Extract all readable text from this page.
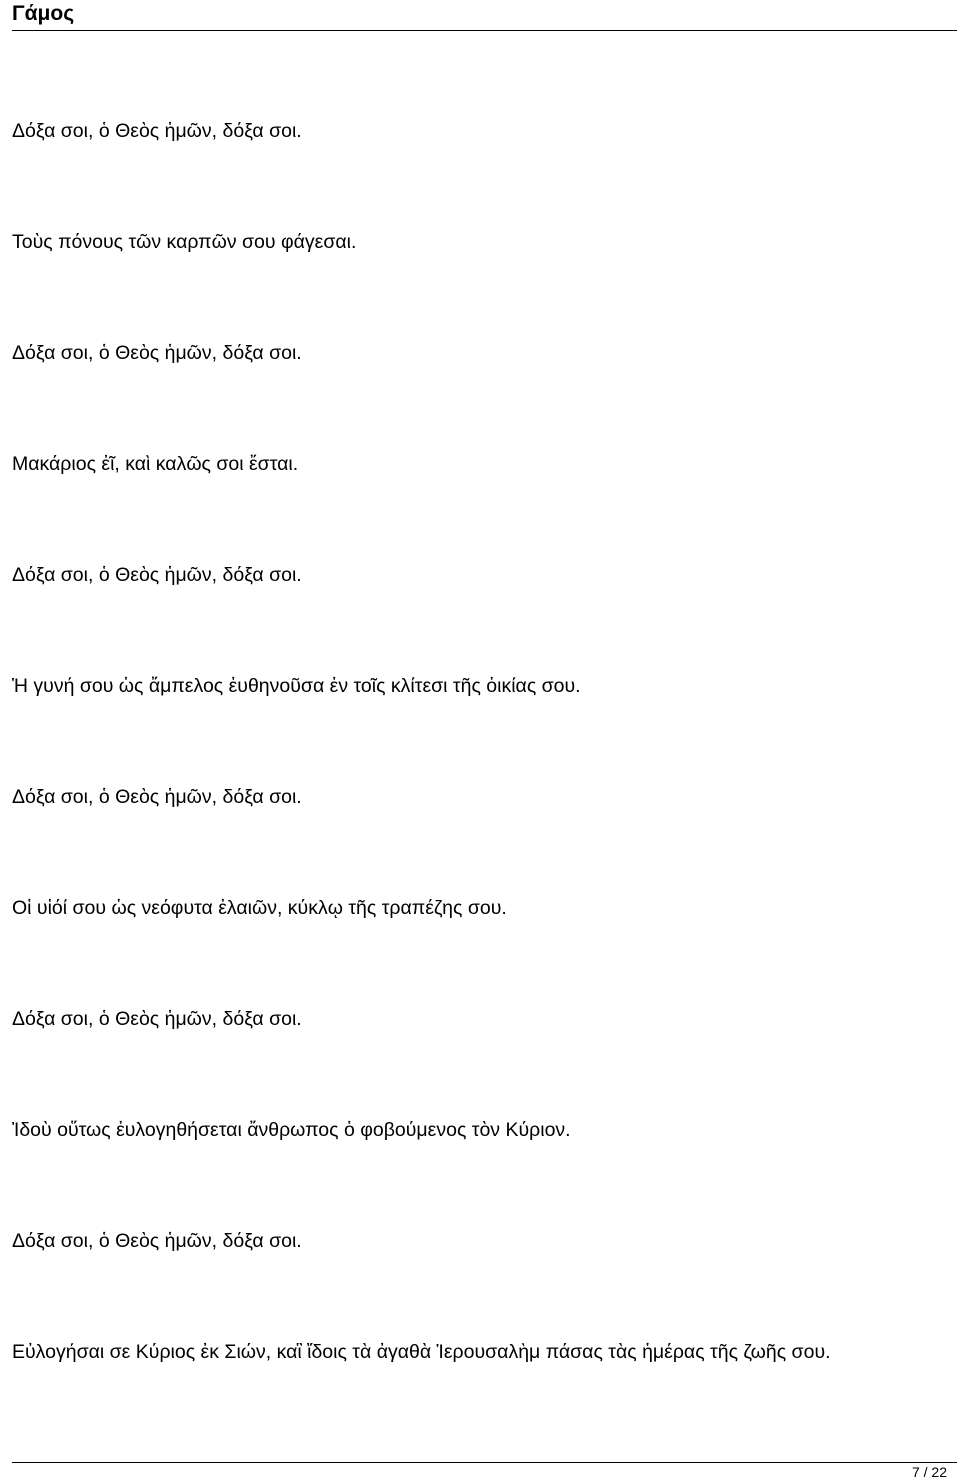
Γάμος

Δόξα σοι, ὁ Θεὸς ἡμῶν, δόξα σοι.

Τοὺς πόνους τῶν καρπῶν σου φάγεσαι.

Δόξα σοι, ὁ Θεὸς ἡμῶν, δόξα σοι.

Μακάριος ἐῖ, καὶ καλῶς σοι ἔσται.

Δόξα σοι, ὁ Θεὸς ἡμῶν, δόξα σοι.

Ἡ γυνή σου ὡς ἄμπελος ἐυθηνοῦσα ἐν τοῖς κλίτεσι τῆς ὀικίας σου.

Δόξα σοι, ὁ Θεὸς ἡμῶν, δόξα σοι.

Οἱ υἱόί σου ὡς νεόφυτα ἐλαιῶν, κύκλῳ τῆς τραπέζης σου.

Δόξα σοι, ὁ Θεὸς ἡμῶν, δόξα σοι.

Ἰδοὺ οὕτως ἐυλογηθήσεται ἄνθρωπος ὁ φοβούμενος τὸν Κύριον.

Δόξα σοι, ὁ Θεὸς ἡμῶν, δόξα σοι.

Εὐλογήσαι σε Κύριος ἐκ Σιών, καἳ ἴδοις τὰ ἀγαθὰ Ἱερουσαλὴμ πάσας τὰς ἡμέρας τῆς ζωῆς σου.

7 / 22
